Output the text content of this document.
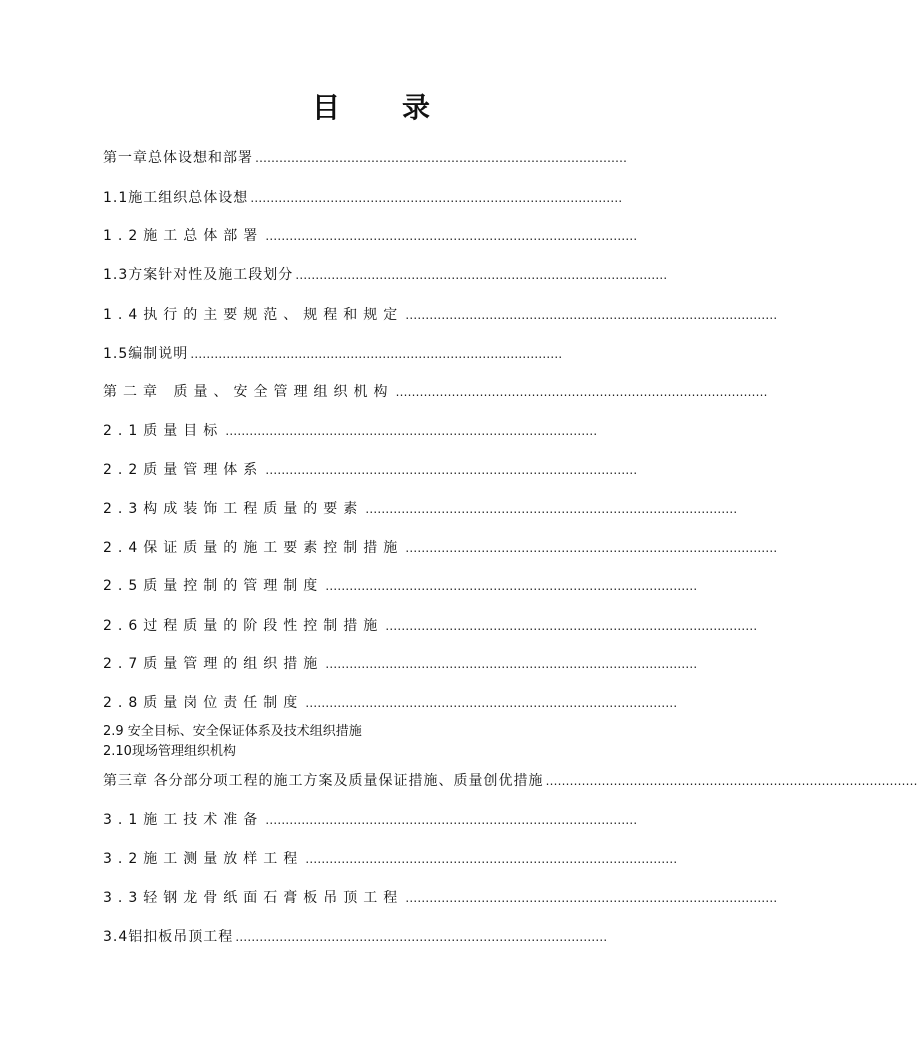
目　　录
第一章总体设想和部署 …………………………………………………………………………………
1.1施工组织总体设想 …………………………………………………………………………………
1.2施工总体部署 …………………………………………………………………………………
1.3方案针对性及施工段划分 …………………………………………………………………………………
1.4执行的主要规范、规程和规定 …………………………………………………………………………………
1.5编制说明 …………………………………………………………………………………
第二章 质量、安全管理组织机构 …………………………………………………………………………………
2.1质量目标 …………………………………………………………………………………
2.2质量管理体系 …………………………………………………………………………………
2.3构成装饰工程质量的要素 …………………………………………………………………………………
2.4保证质量的施工要素控制措施 …………………………………………………………………………………
2.5质量控制的管理制度 …………………………………………………………………………………
2.6过程质量的阶段性控制措施 …………………………………………………………………………………
2.7质量管理的组织措施 …………………………………………………………………………………
2.8质量岗位责任制度 …………………………………………………………………………………
2.9 安全目标、安全保证体系及技术组织措施
2.10现场管理组织机构
第三章 各分部分项工程的施工方案及质量保证措施、质量创优措施 …………………………………………………………………………………
3.1施工技术准备 …………………………………………………………………………………
3.2施工测量放样工程 …………………………………………………………………………………
3.3轻钢龙骨纸面石膏板吊顶工程 …………………………………………………………………………………
3.4铝扣板吊顶工程 …………………………………………………………………………………
